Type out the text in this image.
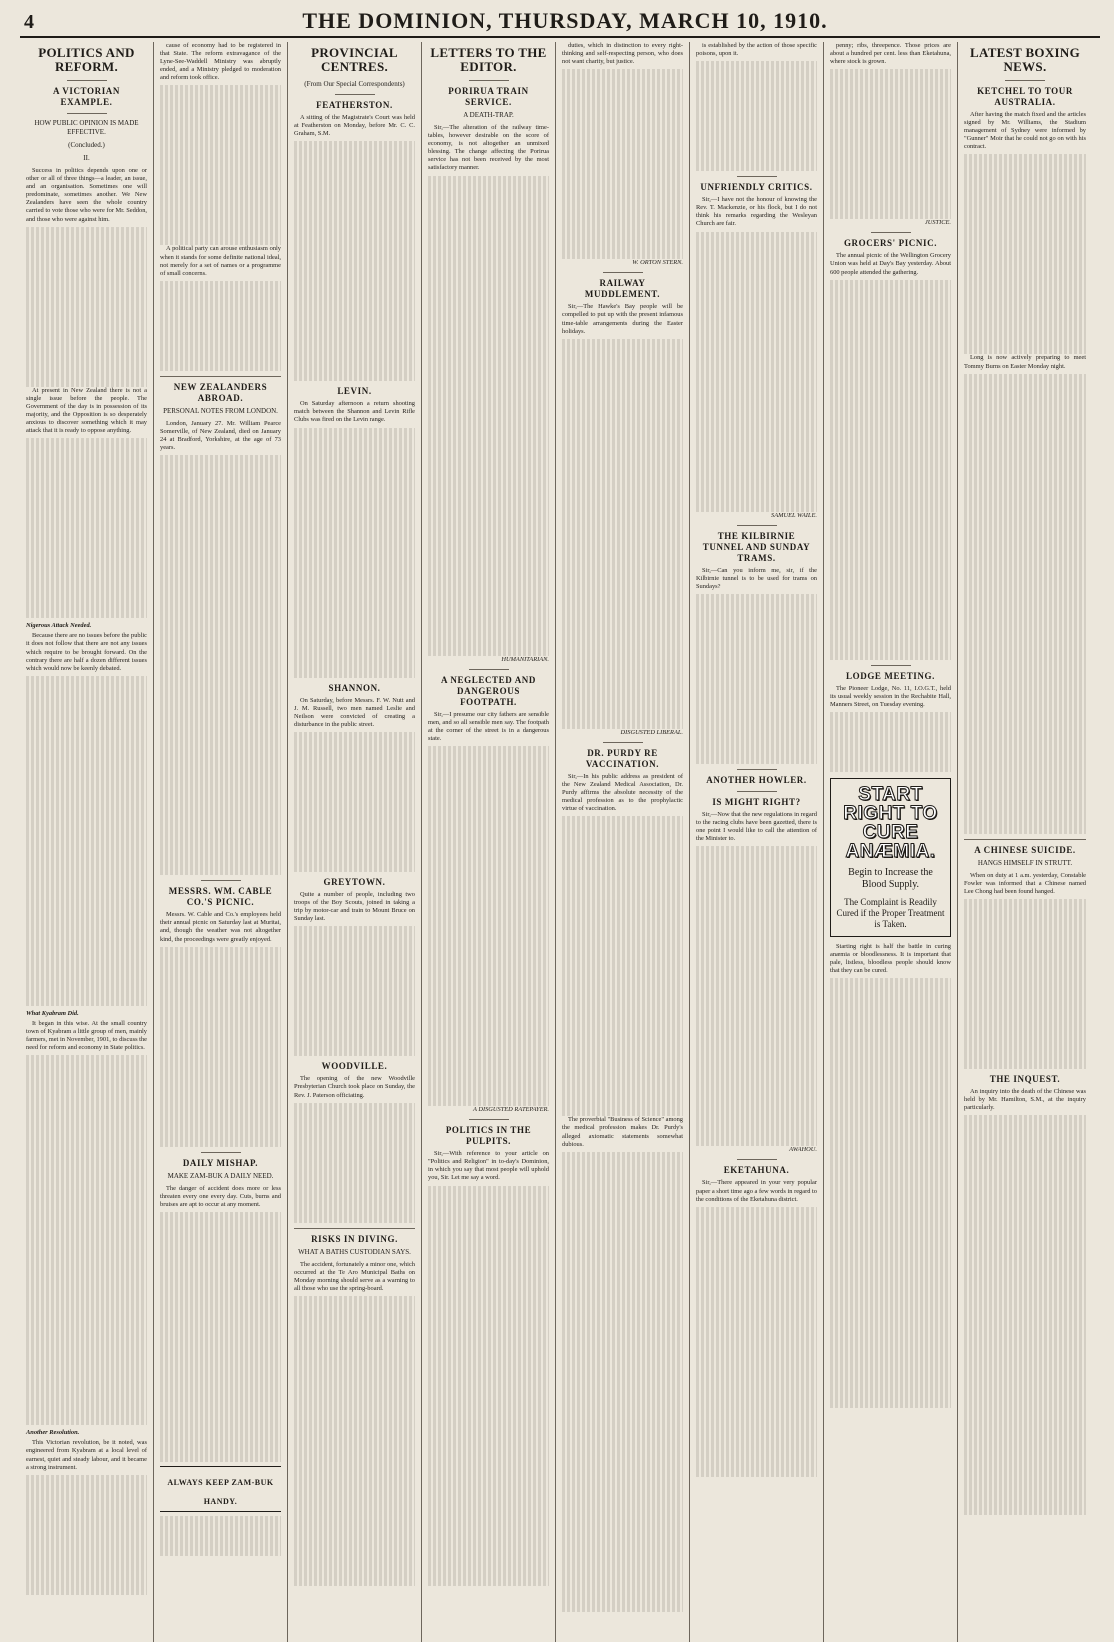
4	THE DOMINION, THURSDAY, MARCH 10, 1910.
POLITICS AND REFORM.
A VICTORIAN EXAMPLE.
HOW PUBLIC OPINION IS MADE EFFECTIVE.
(Concluded.)
II.

Success in politics depends upon one or other or all of three things—a leader, an issue, and an organisation. Sometimes one will predominate, sometimes another. We New Zealanders have seen the whole country carried to vote those who were for Mr. Seddon, and those who were against him.

At present in New Zealand there is not a single issue before the people. The Government of the day is in possession of its majority, and the Opposition is so desperately anxious to discover something which it may attack that it is ready to oppose anything.

Nigerous Attack Needed.

Because there are no issues before the public it does not follow that there are not any issues which require to be brought forward. On the contrary there are half a dozen different issues which would now be keenly debated.

What Kyabram Did.

It began in this wise. At the small country town of Kyabram a little group of men, mainly farmers, met in November, 1901, to discuss the need for reform and economy in State politics.

Another Resolution.

This Victorian revolution, be it noted, was engineered from Kyabram at a local level of earnest, quiet and steady labour, and it became a strong instrument.

cause of economy had to be registered in that State. The reform extravagance of the Lyne-See-Waddell Ministry was abruptly ended, and a Ministry pledged to moderation and reform took office.

A political party can arouse enthusiasm only when it stands for some definite national ideal, not merely for a set of names or a programme of small concerns.

NEW ZEALANDERS ABROAD.
PERSONAL NOTES FROM LONDON.

London, January 27. Mr. William Pearce Somerville, of New Zealand, died on January 24 at Bradford, Yorkshire, at the age of 73 years.

MESSRS. WM. CABLE CO.'S PICNIC.

Messrs. W. Cable and Co.'s employees held their annual picnic on Saturday last at Muritai, and, though the weather was not altogether kind, the proceedings were greatly enjoyed.

DAILY MISHAP.
MAKE ZAM-BUK A DAILY NEED.

The danger of accident does more or less threaten every one every day. Cuts, burns and bruises are apt to occur at any moment.

ALWAYS KEEP ZAM-BUK HANDY.
PROVINCIAL CENTRES.
(From Our Special Correspondents)
FEATHERSTON.

A sitting of the Magistrate's Court was held at Featherston on Monday, before Mr. C. C. Graham, S.M.

LEVIN.

On Saturday afternoon a return shooting match between the Shannon and Levin Rifle Clubs was fired on the Levin range.

SHANNON.

On Saturday, before Messrs. F. W. Nutt and J. M. Russell, two men named Leslie and Neilson were convicted of creating a disturbance in the public street.

GREYTOWN.

Quite a number of people, including two troops of the Boy Scouts, joined in taking a trip by motor-car and train to Mount Bruce on Sunday last.

WOODVILLE.

The opening of the new Woodville Presbyterian Church took place on Sunday, the Rev. J. Paterson officiating.

RISKS IN DIVING.
WHAT A BATHS CUSTODIAN SAYS.

The accident, fortunately a minor one, which occurred at the Te Aro Municipal Baths on Monday morning should serve as a warning to all those who use the spring-board.

LETTERS TO THE EDITOR.
PORIRUA TRAIN SERVICE.
A DEATH-TRAP.

Sir,—The alteration of the railway time-tables, however desirable on the score of economy, is not altogether an unmixed blessing. The change affecting the Porirua service has not been received by the most satisfactory manner.

HUMANITARIAN.

A NEGLECTED AND DANGEROUS FOOTPATH.

Sir,—I presume our city fathers are sensible men, and so all sensible men say. The footpath at the corner of the street is in a dangerous state.

A DISGUSTED RATEPAYER.

POLITICS IN THE PULPITS.

Sir,—With reference to your article on "Politics and Religion" in to-day's Dominion, in which you say that most people will uphold you, Sir. Let me say a word.

duties, which in distinction to every right-thinking and self-respecting person, who does not want charity, but justice.

W. ORTON STERN.

RAILWAY MUDDLEMENT.

Sir,—The Hawke's Bay people will be compelled to put up with the present infamous time-table arrangements during the Easter holidays.

DISGUSTED LIBERAL.

DR. PURDY RE VACCINATION.

Sir,—In his public address as president of the New Zealand Medical Association, Dr. Purdy affirms the absolute necessity of the medical profession as to the prophylactic virtue of vaccination.

The proverbial "Business of Science" among the medical profession makes Dr. Purdy's alleged axiomatic statements somewhat dubious.

is established by the action of those specific poisons, upon it.

UNFRIENDLY CRITICS.

Sir,—I have not the honour of knowing the Rev. T. Mackenzie, or his flock, but I do not think his remarks regarding the Wesleyan Church are fair.

SAMUEL WAILE.

THE KILBIRNIE TUNNEL AND SUNDAY TRAMS.

Sir,—Can you inform me, sir, if the Kilbirnie tunnel is to be used for trams on Sundays?

ANOTHER HOWLER.
IS MIGHT RIGHT?

Sir,—Now that the new regulations in regard to the racing clubs have been gazetted, there is one point I would like to call the attention of the Minister to.

AWAHOU.

EKETAHUNA.

Sir,—There appeared in your very popular paper a short time ago a few words in regard to the conditions of the Eketahuna district.

penny; ribs, threepence. Those prices are about a hundred per cent. less than Eketahuna, where stock is grown.

JUSTICE.

GROCERS' PICNIC.

The annual picnic of the Wellington Grocery Union was held at Day's Bay yesterday. About 600 people attended the gathering.

LODGE MEETING.

The Pioneer Lodge, No. 11, I.O.G.T., held its usual weekly session in the Rechabite Hall, Manners Street, on Tuesday evening.

START RIGHT TO CURE ANÆMIA.
Begin to Increase the Blood Supply.
The Complaint is Readily Cured if the Proper Treatment is Taken.

Starting right is half the battle in curing anæmia or bloodlessness. It is important that pale, listless, bloodless people should know that they can be cured.

LATEST BOXING NEWS.
KETCHEL TO TOUR AUSTRALIA.

After having the match fixed and the articles signed by Mr. Williams, the Stadium management of Sydney were informed by "Gunner" Moir that he could not go on with his contract.

Long is now actively preparing to meet Tommy Burns on Easter Monday night.

A CHINESE SUICIDE.
HANGS HIMSELF IN STRUTT.

When on duty at 1 a.m. yesterday, Constable Fowler was informed that a Chinese named Lee Chong had been found hanged.

THE INQUEST.

An inquiry into the death of the Chinese was held by Mr. Hamilton, S.M., at the inquiry particularly.
